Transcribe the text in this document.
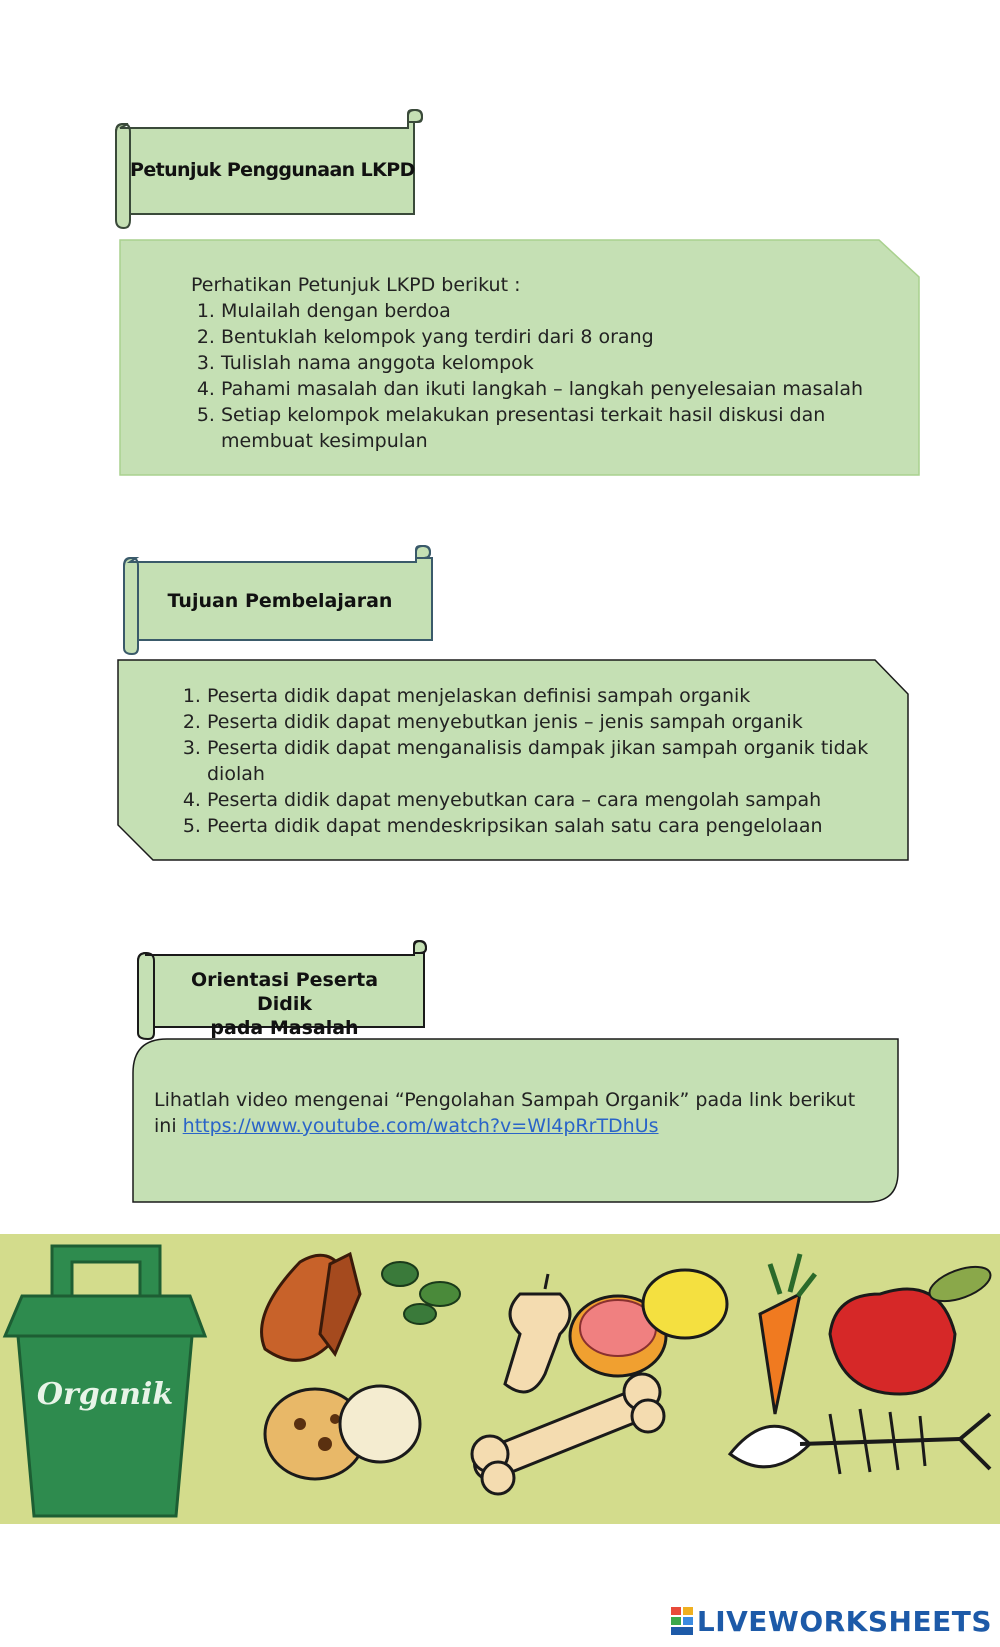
Petunjuk Penggunaan LKPD
Perhatikan Petunjuk LKPD berikut :
1. Mulailah dengan berdoa
2. Bentuklah kelompok yang terdiri dari 8 orang
3. Tulislah nama anggota kelompok
4. Pahami masalah dan ikuti langkah – langkah penyelesaian masalah
5. Setiap kelompok melakukan presentasi terkait hasil diskusi dan membuat kesimpulan
Tujuan Pembelajaran
1. Peserta didik dapat menjelaskan definisi sampah organik
2. Peserta didik dapat menyebutkan jenis – jenis sampah organik
3. Peserta didik dapat menganalisis dampak jikan sampah organik tidak diolah
4. Peserta didik dapat menyebutkan cara – cara mengolah sampah
5. Peerta didik dapat mendeskripsikan salah satu cara pengelolaan
Orientasi Peserta Didik
pada Masalah
Lihatlah video mengenai “Pengolahan Sampah Organik” pada link berikut ini https://www.youtube.com/watch?v=Wl4pRrTDhUs
Organik
LIVEWORKSHEETS
